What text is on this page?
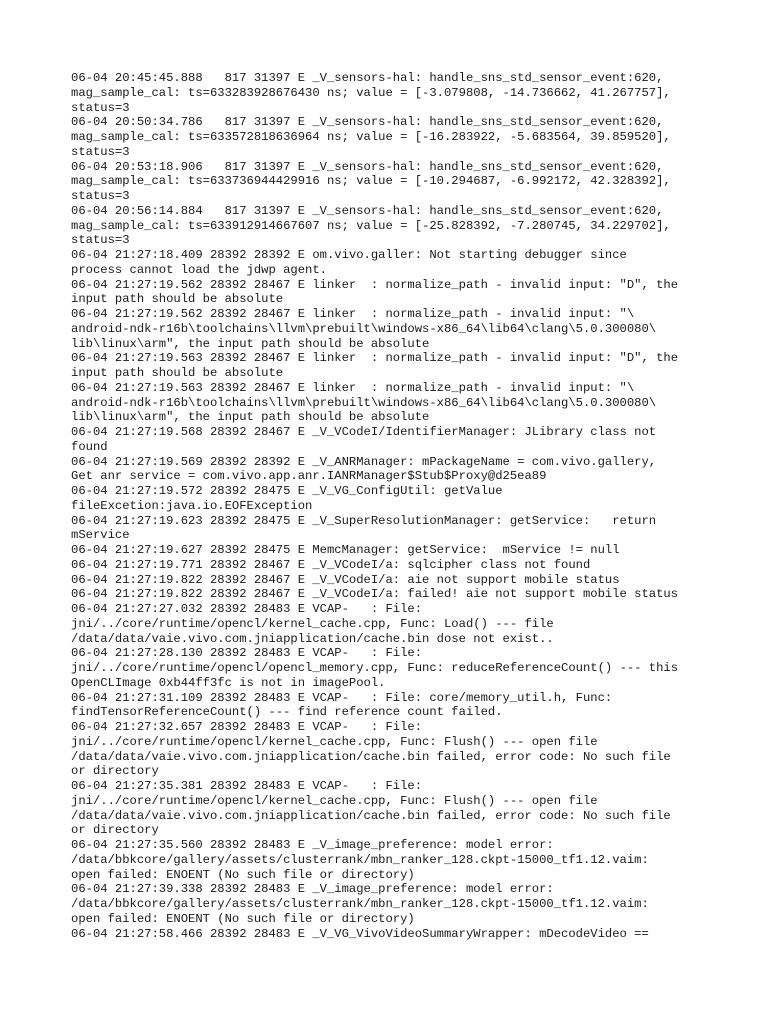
06-04 20:45:45.888   817 31397 E _V_sensors-hal: handle_sns_std_sensor_event:620,
mag_sample_cal: ts=633283928676430 ns; value = [-3.079808, -14.736662, 41.267757],
status=3
06-04 20:50:34.786   817 31397 E _V_sensors-hal: handle_sns_std_sensor_event:620,
mag_sample_cal: ts=633572818636964 ns; value = [-16.283922, -5.683564, 39.859520],
status=3
06-04 20:53:18.906   817 31397 E _V_sensors-hal: handle_sns_std_sensor_event:620,
mag_sample_cal: ts=633736944429916 ns; value = [-10.294687, -6.992172, 42.328392],
status=3
06-04 20:56:14.884   817 31397 E _V_sensors-hal: handle_sns_std_sensor_event:620,
mag_sample_cal: ts=633912914667607 ns; value = [-25.828392, -7.280745, 34.229702],
status=3
06-04 21:27:18.409 28392 28392 E om.vivo.galler: Not starting debugger since
process cannot load the jdwp agent.
06-04 21:27:19.562 28392 28467 E linker  : normalize_path - invalid input: "D", the
input path should be absolute
06-04 21:27:19.562 28392 28467 E linker  : normalize_path - invalid input: "\
android-ndk-r16b\toolchains\llvm\prebuilt\windows-x86_64\lib64\clang\5.0.300080\
lib\linux\arm", the input path should be absolute
06-04 21:27:19.563 28392 28467 E linker  : normalize_path - invalid input: "D", the
input path should be absolute
06-04 21:27:19.563 28392 28467 E linker  : normalize_path - invalid input: "\
android-ndk-r16b\toolchains\llvm\prebuilt\windows-x86_64\lib64\clang\5.0.300080\
lib\linux\arm", the input path should be absolute
06-04 21:27:19.568 28392 28467 E _V_VCodeI/IdentifierManager: JLibrary class not
found
06-04 21:27:19.569 28392 28392 E _V_ANRManager: mPackageName = com.vivo.gallery,
Get anr service = com.vivo.app.anr.IANRManager$Stub$Proxy@d25ea89
06-04 21:27:19.572 28392 28475 E _V_VG_ConfigUtil: getValue
fileExcetion:java.io.EOFException
06-04 21:27:19.623 28392 28475 E _V_SuperResolutionManager: getService:   return
mService
06-04 21:27:19.627 28392 28475 E MemcManager: getService:  mService != null
06-04 21:27:19.771 28392 28467 E _V_VCodeI/a: sqlcipher class not found
06-04 21:27:19.822 28392 28467 E _V_VCodeI/a: aie not support mobile status
06-04 21:27:19.822 28392 28467 E _V_VCodeI/a: failed! aie not support mobile status
06-04 21:27:27.032 28392 28483 E VCAP-   : File:
jni/../core/runtime/opencl/kernel_cache.cpp, Func: Load() --- file
/data/data/vaie.vivo.com.jniapplication/cache.bin dose not exist..
06-04 21:27:28.130 28392 28483 E VCAP-   : File:
jni/../core/runtime/opencl/opencl_memory.cpp, Func: reduceReferenceCount() --- this
OpenCLImage 0xb44ff3fc is not in imagePool.
06-04 21:27:31.109 28392 28483 E VCAP-   : File: core/memory_util.h, Func:
findTensorReferenceCount() --- find reference count failed.
06-04 21:27:32.657 28392 28483 E VCAP-   : File:
jni/../core/runtime/opencl/kernel_cache.cpp, Func: Flush() --- open file
/data/data/vaie.vivo.com.jniapplication/cache.bin failed, error code: No such file
or directory
06-04 21:27:35.381 28392 28483 E VCAP-   : File:
jni/../core/runtime/opencl/kernel_cache.cpp, Func: Flush() --- open file
/data/data/vaie.vivo.com.jniapplication/cache.bin failed, error code: No such file
or directory
06-04 21:27:35.560 28392 28483 E _V_image_preference: model error:
/data/bbkcore/gallery/assets/clusterrank/mbn_ranker_128.ckpt-15000_tf1.12.vaim:
open failed: ENOENT (No such file or directory)
06-04 21:27:39.338 28392 28483 E _V_image_preference: model error:
/data/bbkcore/gallery/assets/clusterrank/mbn_ranker_128.ckpt-15000_tf1.12.vaim:
open failed: ENOENT (No such file or directory)
06-04 21:27:58.466 28392 28483 E _V_VG_VivoVideoSummaryWrapper: mDecodeVideo ==
